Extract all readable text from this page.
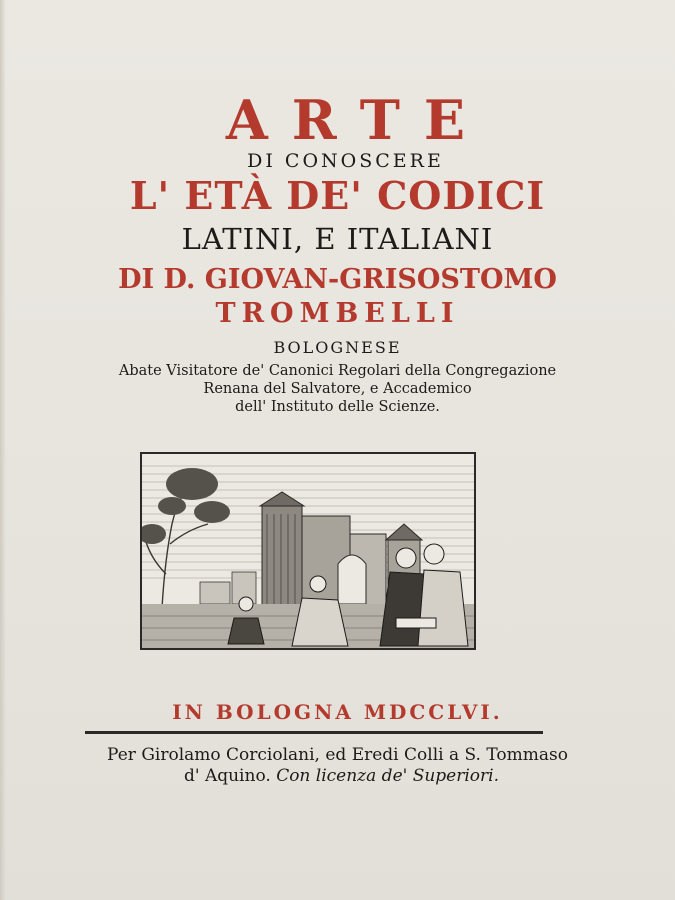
ARTE
DI CONOSCERE
L' ETÀ DE' CODICI
LATINI, E ITALIANI
DI D. GIOVAN-GRISOSTOMO
TROMBELLI
BOLOGNESE
Abate Visitatore de' Canonici Regolari della Congregazione
Renana del Salvatore, e Accademico
dell' Instituto delle Scienze.
IN BOLOGNA MDCCLVI.
Per Girolamo Corciolani, ed Eredi Colli a S. Tommaso
d' Aquino. Con licenza de' Superiori.
